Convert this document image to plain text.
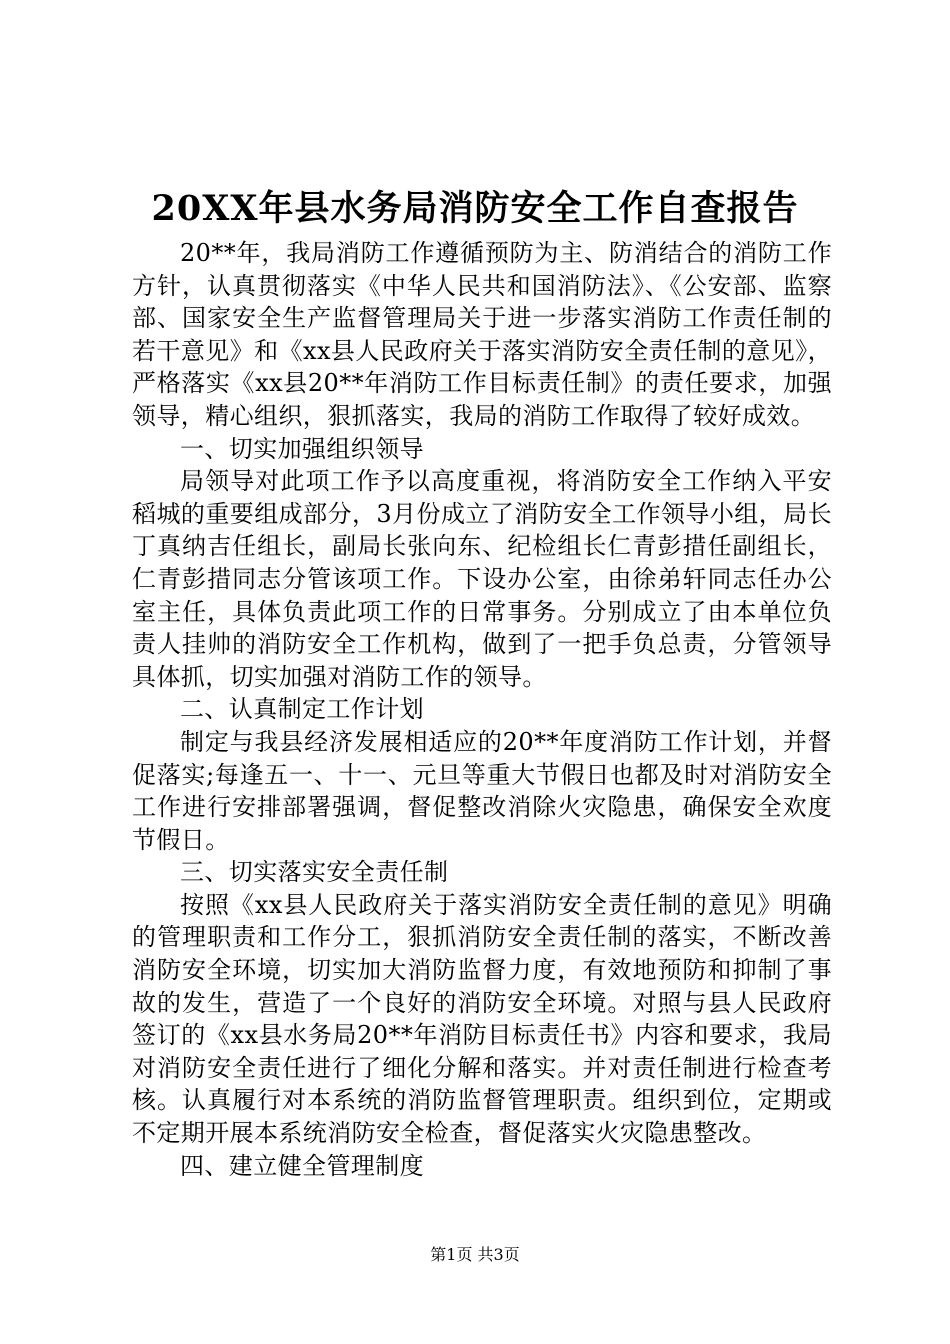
20XX年县水务局消防安全工作自查报告

20**年，我局消防工作遵循预防为主、防消结合的消防工作方针，认真贯彻落实《中华人民共和国消防法》、《公安部、监察部、国家安全生产监督管理局关于进一步落实消防工作责任制的若干意见》和《xx县人民政府关于落实消防安全责任制的意见》，严格落实《xx县20**年消防工作目标责任制》的责任要求，加强领导，精心组织，狠抓落实，我局的消防工作取得了较好成效。

一、切实加强组织领导

局领导对此项工作予以高度重视，将消防安全工作纳入平安稻城的重要组成部分，3月份成立了消防安全工作领导小组，局长丁真纳吉任组长，副局长张向东、纪检组长仁青彭措任副组长，仁青彭措同志分管该项工作。下设办公室，由徐弟轩同志任办公室主任，具体负责此项工作的日常事务。分别成立了由本单位负责人挂帅的消防安全工作机构，做到了一把手负总责，分管领导具体抓，切实加强对消防工作的领导。

二、认真制定工作计划

制定与我县经济发展相适应的20**年度消防工作计划，并督促落实;每逢五一、十一、元旦等重大节假日也都及时对消防安全工作进行安排部署强调，督促整改消除火灾隐患，确保安全欢度节假日。

三、切实落实安全责任制

按照《xx县人民政府关于落实消防安全责任制的意见》明确的管理职责和工作分工，狠抓消防安全责任制的落实，不断改善消防安全环境，切实加大消防监督力度，有效地预防和抑制了事故的发生，营造了一个良好的消防安全环境。对照与县人民政府签订的《xx县水务局20**年消防目标责任书》内容和要求，我局对消防安全责任进行了细化分解和落实。并对责任制进行检查考核。认真履行对本系统的消防监督管理职责。组织到位，定期或不定期开展本系统消防安全检查，督促落实火灾隐患整改。

四、建立健全管理制度

第1页 共3页
